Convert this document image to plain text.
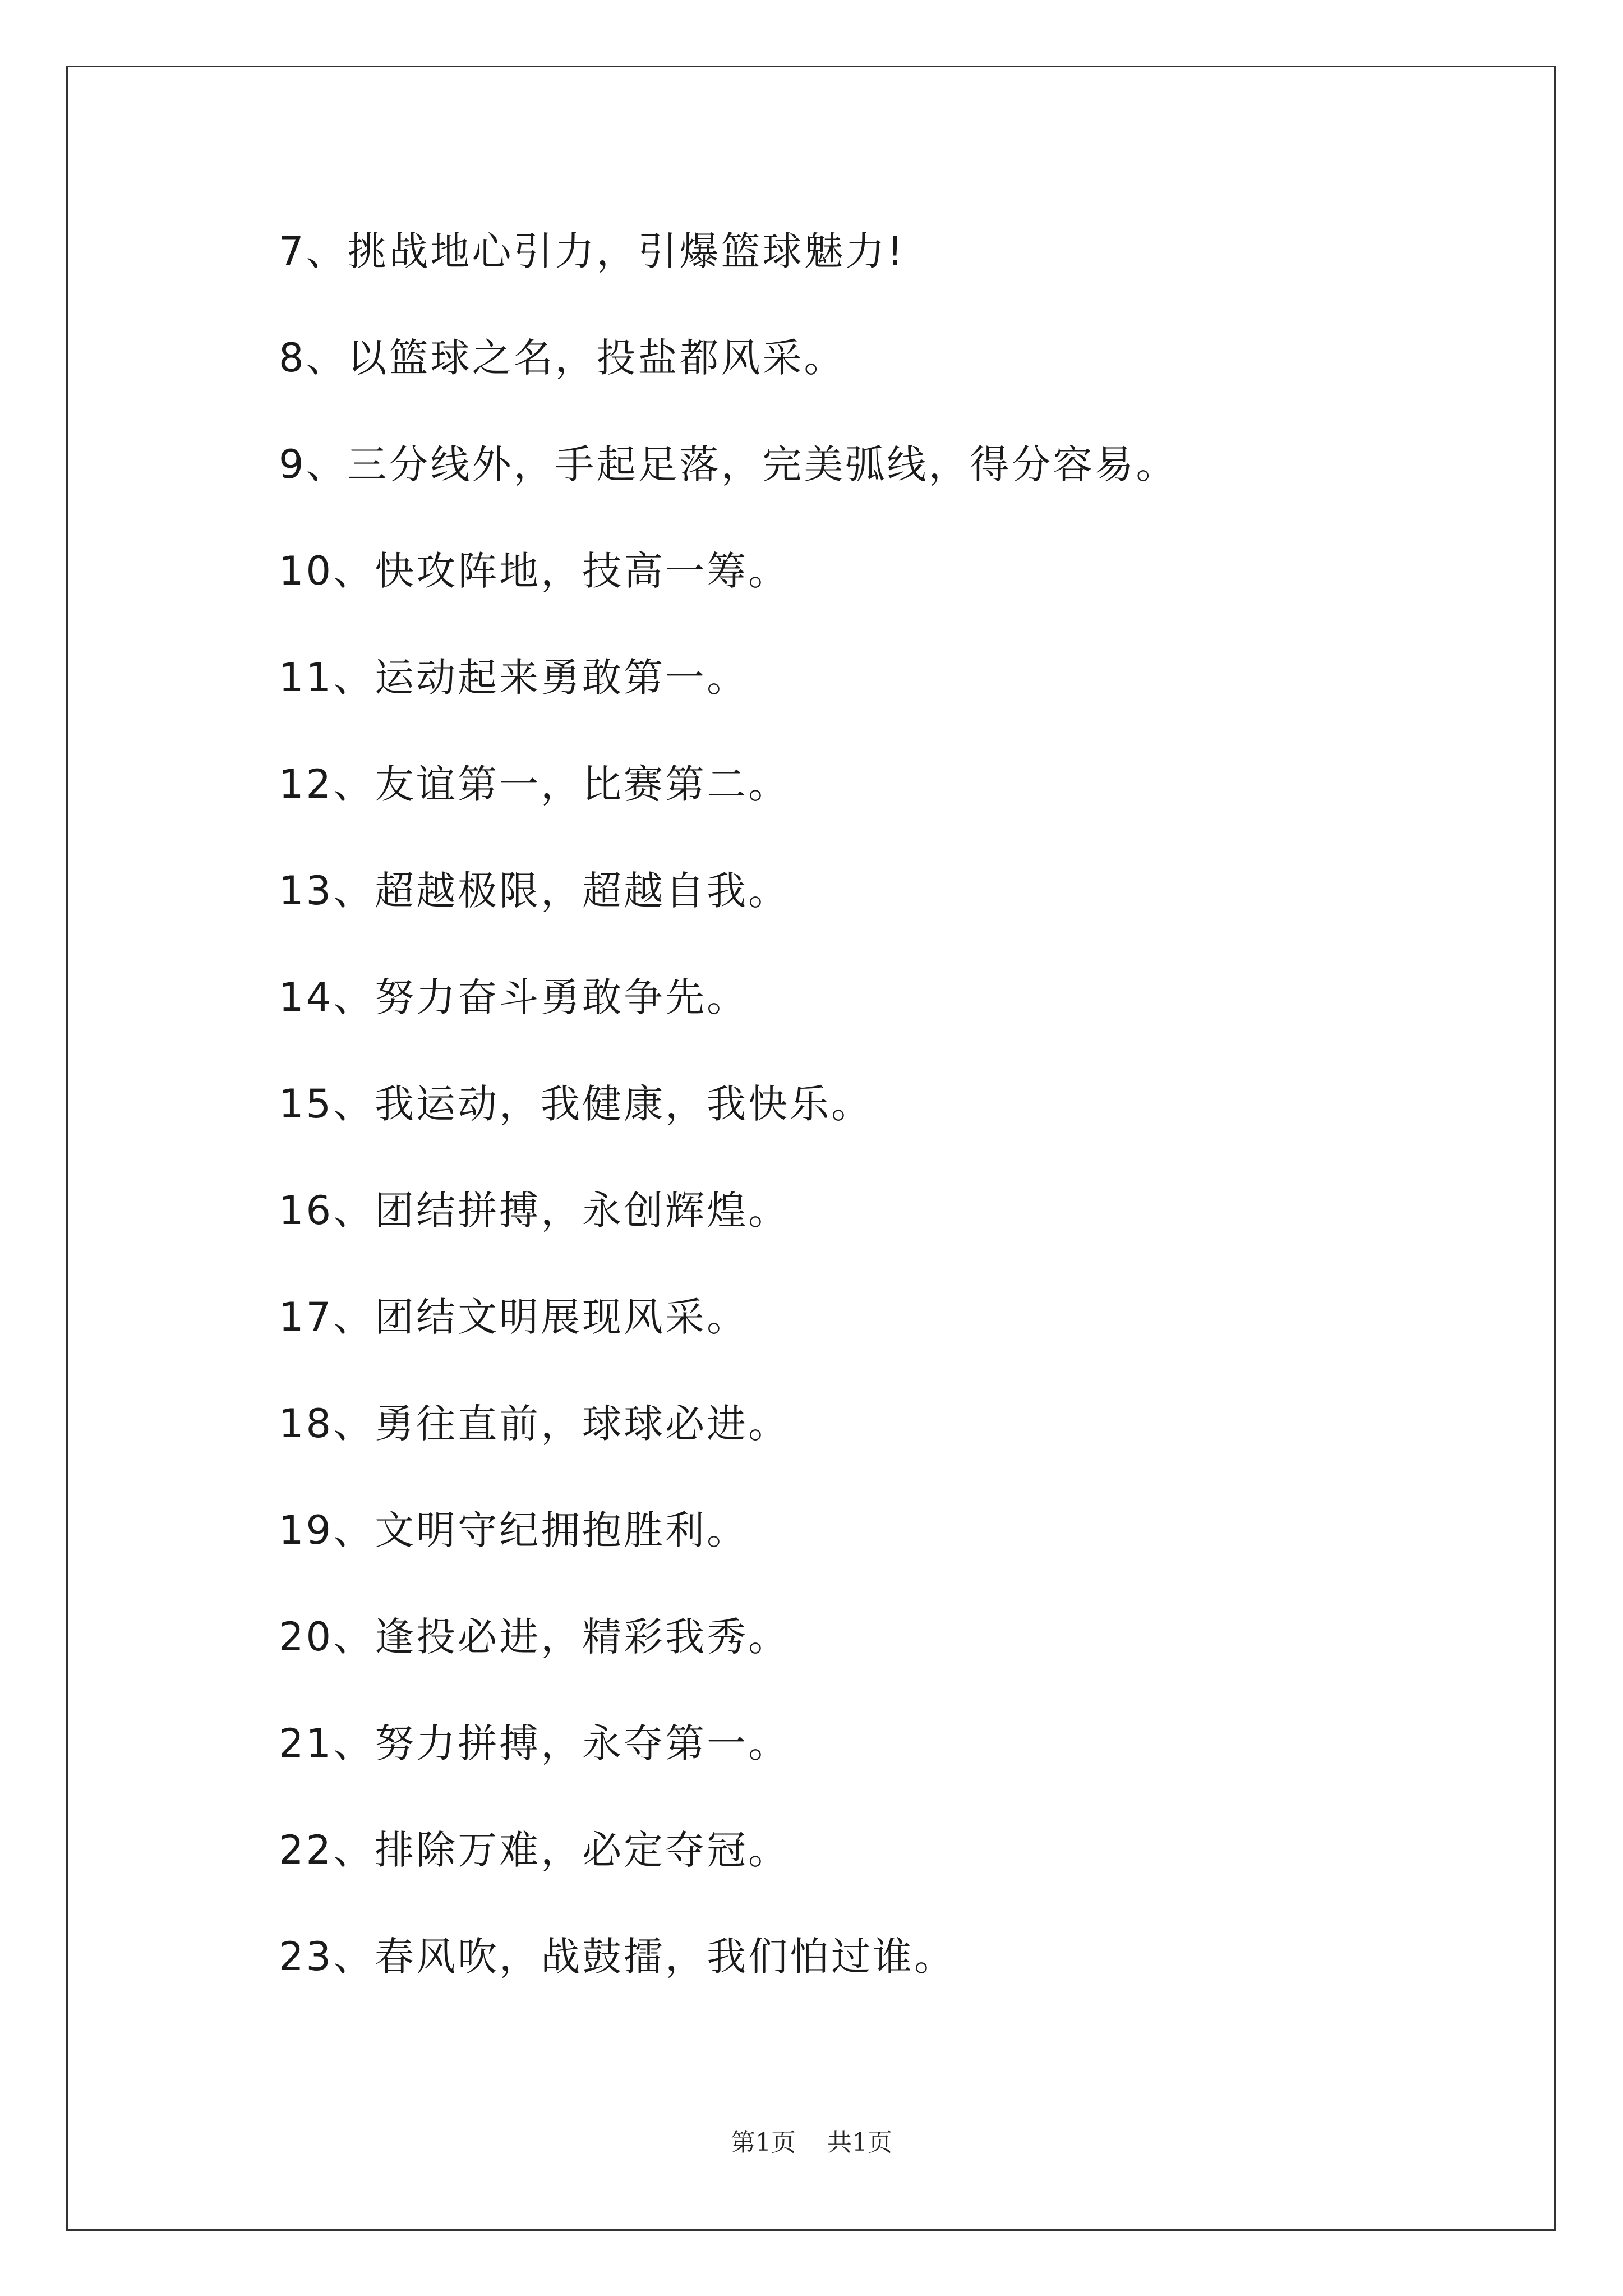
7、挑战地心引力，引爆篮球魅力!
8、以篮球之名，投盐都风采。
9、三分线外，手起足落，完美弧线，得分容易。
10、快攻阵地，技高一筹。
11、运动起来勇敢第一。
12、友谊第一，比赛第二。
13、超越极限，超越自我。
14、努力奋斗勇敢争先。
15、我运动，我健康，我快乐。
16、团结拼搏，永创辉煌。
17、团结文明展现风采。
18、勇往直前，球球必进。
19、文明守纪拥抱胜利。
20、逢投必进，精彩我秀。
21、努力拼搏，永夺第一。
22、排除万难，必定夺冠。
23、春风吹，战鼓擂，我们怕过谁。
第1页 共1页
